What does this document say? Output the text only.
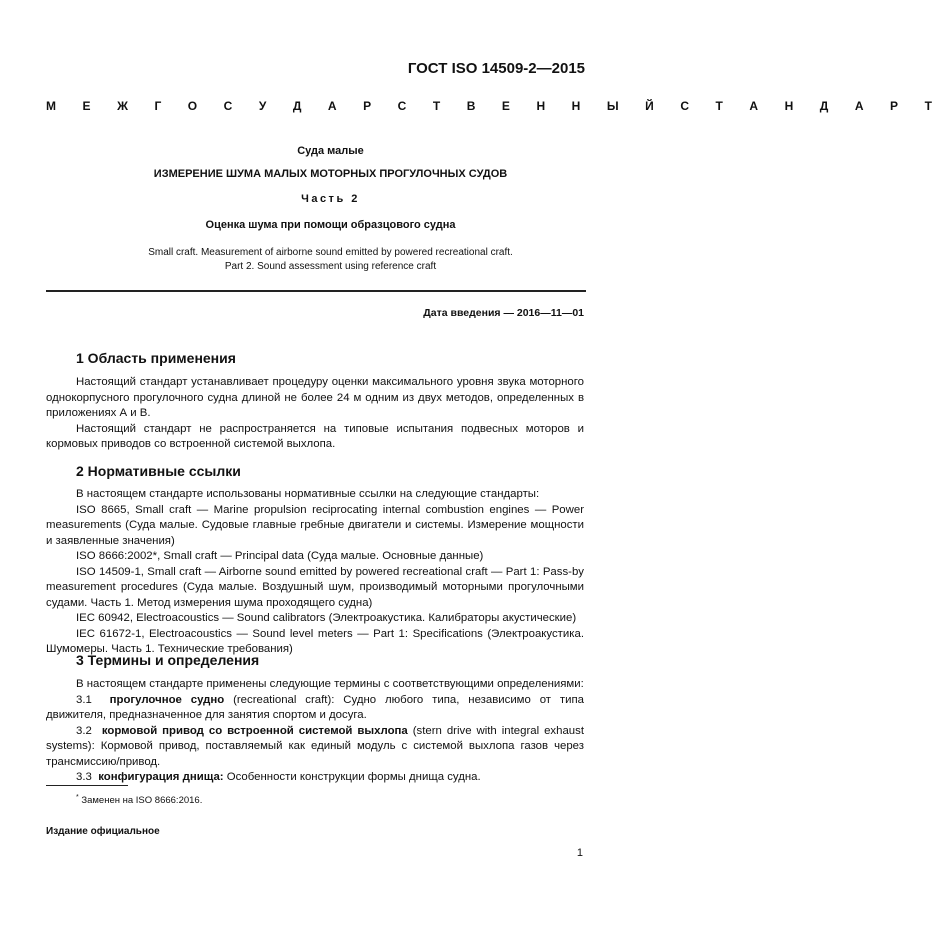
ГОСТ ISO 14509-2—2015
М Е Ж Г О С У Д А Р С Т В Е Н Н Ы Й С Т А Н Д А Р Т
Суда малые
ИЗМЕРЕНИЕ ШУМА МАЛЫХ МОТОРНЫХ ПРОГУЛОЧНЫХ СУДОВ
Часть 2
Оценка шума при помощи образцового судна
Small craft. Measurement of airborne sound emitted by powered recreational craft.
Part 2. Sound assessment using reference craft
Дата введения — 2016—11—01
1 Область применения

Настоящий стандарт устанавливает процедуру оценки максимального уровня звука моторного однокорпусного прогулочного судна длиной не более 24 м одним из двух методов, определенных в приложениях А и В.

Настоящий стандарт не распространяется на типовые испытания подвесных моторов и кормовых приводов со встроенной системой выхлопа.

2 Нормативные ссылки

В настоящем стандарте использованы нормативные ссылки на следующие стандарты:

ISO 8665, Small craft — Marine propulsion reciprocating internal combustion engines — Power measurements (Суда малые. Судовые главные гребные двигатели и системы. Измерение мощности и заявленные значения)

ISO 8666:2002*, Small craft — Principal data (Суда малые. Основные данные)

ISO 14509-1, Small craft — Airborne sound emitted by powered recreational craft — Part 1: Pass-by measurement procedures (Суда малые. Воздушный шум, производимый моторными прогулочными судами. Часть 1. Метод измерения шума проходящего судна)

IEC 60942, Electroacoustics — Sound calibrators (Электроакустика. Калибраторы акустические)

IEC 61672-1, Electroacoustics — Sound level meters — Part 1: Specifications (Электроакустика. Шумомеры. Часть 1. Технические требования)

3 Термины и определения

В настоящем стандарте применены следующие термины с соответствующими определениями:

3.1 прогулочное судно (recreational craft): Судно любого типа, независимо от типа движителя, предназначенное для занятия спортом и досуга.

3.2 кормовой привод со встроенной системой выхлопа (stern drive with integral exhaust systems): Кормовой привод, поставляемый как единый модуль с системой выхлопа газов через трансмиссию/привод.

3.3 конфигурация днища: Особенности конструкции формы днища судна.

* Заменен на ISO 8666:2016.
Издание официальное
1
